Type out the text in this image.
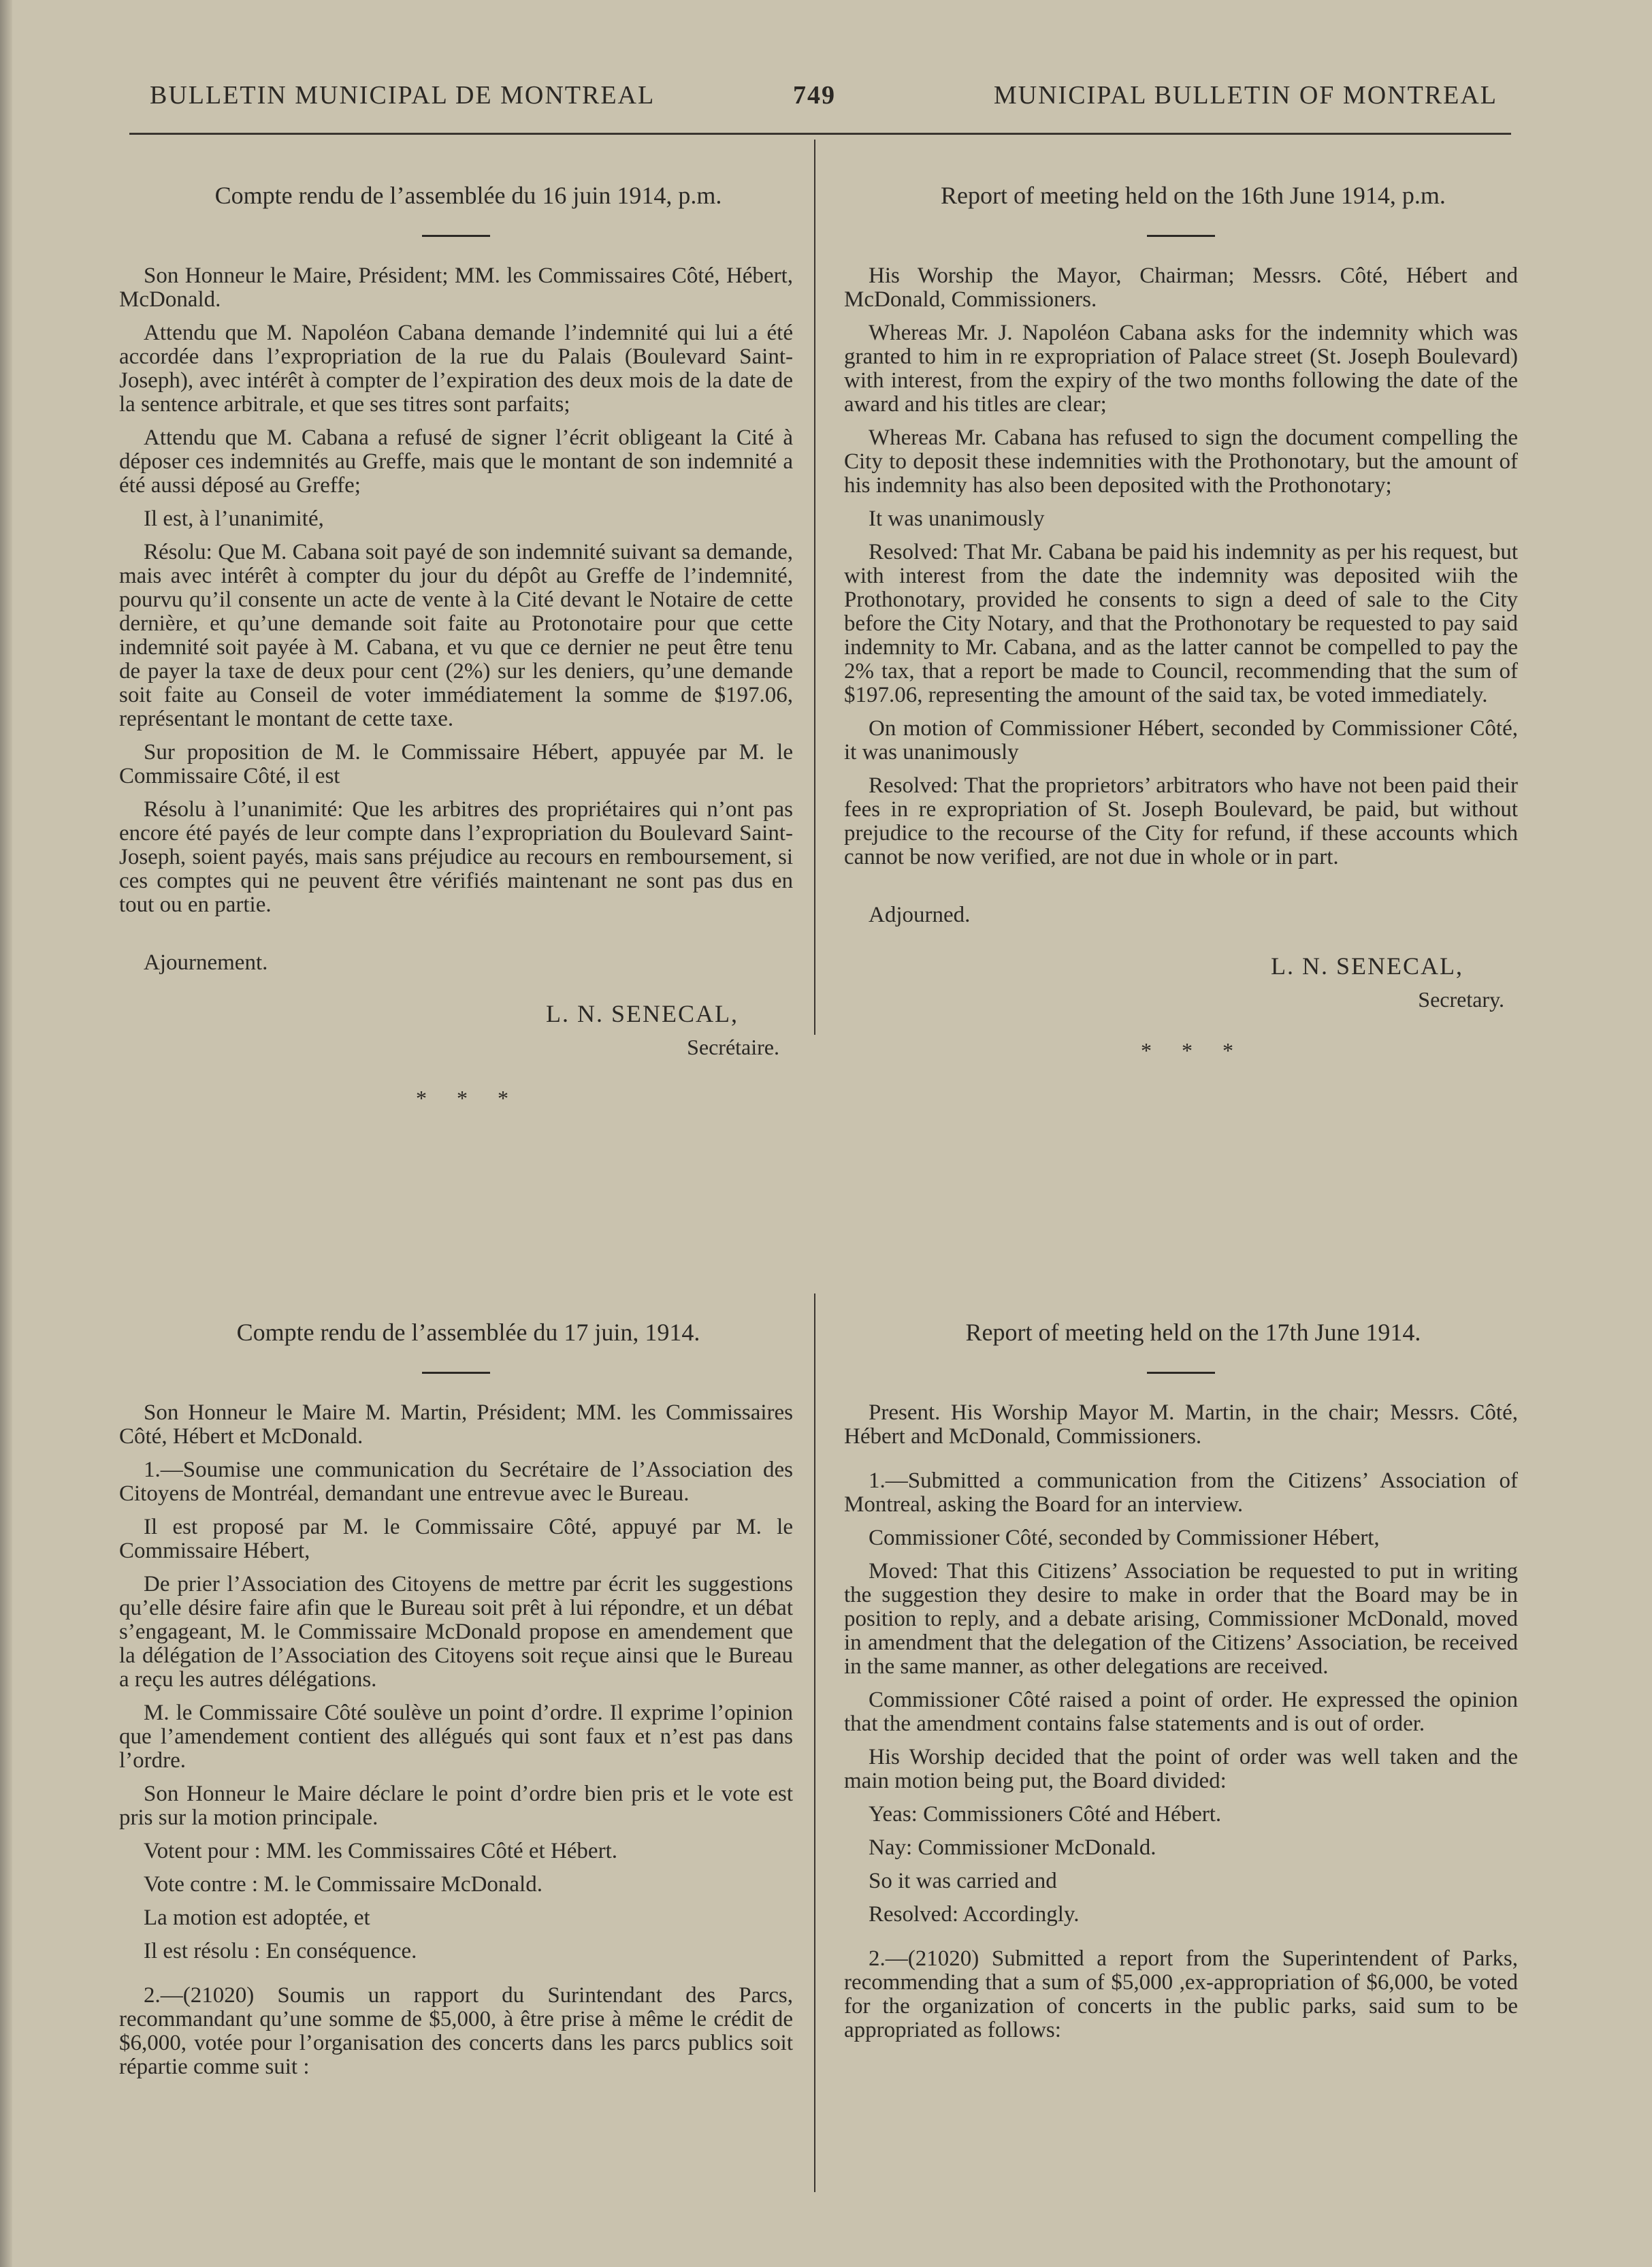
BULLETIN MUNICIPAL DE MONTREAL	749	MUNICIPAL BULLETIN OF MONTREAL

Compte rendu de l’assemblée du 16 juin 1914, p.m.

Son Honneur le Maire, Président; MM. les Commissaires Côté, Hébert, McDonald.

Attendu que M. Napoléon Cabana demande l’indemnité qui lui a été accordée dans l’expropriation de la rue du Palais (Boulevard Saint-Joseph), avec intérêt à compter de l’expiration des deux mois de la date de la sentence arbitrale, et que ses titres sont parfaits;

Attendu que M. Cabana a refusé de signer l’écrit obligeant la Cité à déposer ces indemnités au Greffe, mais que le montant de son indemnité a été aussi déposé au Greffe;

Il est, à l’unanimité,

Résolu: Que M. Cabana soit payé de son indemnité suivant sa demande, mais avec intérêt à compter du jour du dépôt au Greffe de l’indemnité, pourvu qu’il consente un acte de vente à la Cité devant le Notaire de cette dernière, et qu’une demande soit faite au Protonotaire pour que cette indemnité soit payée à M. Cabana, et vu que ce dernier ne peut être tenu de payer la taxe de deux pour cent (2%) sur les deniers, qu’une demande soit faite au Conseil de voter immédiatement la somme de $197.06, représentant le montant de cette taxe.

Sur proposition de M. le Commissaire Hébert, appuyée par M. le Commissaire Côté, il est

Résolu à l’unanimité: Que les arbitres des propriétaires qui n’ont pas encore été payés de leur compte dans l’expropriation du Boulevard Saint-Joseph, soient payés, mais sans préjudice au recours en remboursement, si ces comptes qui ne peuvent être vérifiés maintenant ne sont pas dus en tout ou en partie.

Ajournement.

L. N. SENECAL,

Secrétaire.

* * *

Report of meeting held on the 16th June 1914, p.m.

His Worship the Mayor, Chairman; Messrs. Côté, Hébert and McDonald, Commissioners.

Whereas Mr. J. Napoléon Cabana asks for the indemnity which was granted to him in re expropriation of Palace street (St. Joseph Boulevard) with interest, from the expiry of the two months following the date of the award and his titles are clear;

Whereas Mr. Cabana has refused to sign the document compelling the City to deposit these indemnities with the Prothonotary, but the amount of his indemnity has also been deposited with the Prothonotary;

It was unanimously

Resolved: That Mr. Cabana be paid his indemnity as per his request, but with interest from the date the indemnity was deposited wiih the Prothonotary, provided he consents to sign a deed of sale to the City before the City Notary, and that the Prothonotary be requested to pay said indemnity to Mr. Cabana, and as the latter cannot be compelled to pay the 2% tax, that a report be made to Council, recommending that the sum of $197.06, representing the amount of the said tax, be voted immediately.

On motion of Commissioner Hébert, seconded by Commissioner Côté, it was unanimously

Resolved: That the proprietors’ arbitrators who have not been paid their fees in re expropriation of St. Joseph Boulevard, be paid, but without prejudice to the recourse of the City for refund, if these accounts which cannot be now verified, are not due in whole or in part.

Adjourned.

L. N. SENECAL,

Secretary.

* * *

Compte rendu de l’assemblée du 17 juin, 1914.

Son Honneur le Maire M. Martin, Président; MM. les Commissaires Côté, Hébert et McDonald.

1.—Soumise une communication du Secrétaire de l’Association des Citoyens de Montréal, demandant une entrevue avec le Bureau.

Il est proposé par M. le Commissaire Côté, appuyé par M. le Commissaire Hébert,

De prier l’Association des Citoyens de mettre par écrit les suggestions qu’elle désire faire afin que le Bureau soit prêt à lui répondre, et un débat s’engageant, M. le Commissaire McDonald propose en amendement que la délégation de l’Association des Citoyens soit reçue ainsi que le Bureau a reçu les autres délégations.

M. le Commissaire Côté soulève un point d’ordre. Il exprime l’opinion que l’amendement contient des allégués qui sont faux et n’est pas dans l’ordre.

Son Honneur le Maire déclare le point d’ordre bien pris et le vote est pris sur la motion principale.

Votent pour : MM. les Commissaires Côté et Hébert.

Vote contre : M. le Commissaire McDonald.

La motion est adoptée, et

Il est résolu : En conséquence.

2.—(21020) Soumis un rapport du Surintendant des Parcs, recommandant qu’une somme de $5,000, à être prise à même le crédit de $6,000, votée pour l’organisation des concerts dans les parcs publics soit répartie comme suit :

Report of meeting held on the 17th June 1914.

Present. His Worship Mayor M. Martin, in the chair; Messrs. Côté, Hébert and McDonald, Commissioners.

1.—Submitted a communication from the Citizens’ Association of Montreal, asking the Board for an interview.

Commissioner Côté, seconded by Commissioner Hébert,

Moved: That this Citizens’ Association be requested to put in writing the suggestion they desire to make in order that the Board may be in position to reply, and a debate arising, Commissioner McDonald, moved in amendment that the delegation of the Citizens’ Association, be received in the same manner, as other delegations are received.

Commissioner Côté raised a point of order. He expressed the opinion that the amendment contains false statements and is out of order.

His Worship decided that the point of order was well taken and the main motion being put, the Board divided:

Yeas: Commissioners Côté and Hébert.

Nay: Commissioner McDonald.

So it was carried and

Resolved: Accordingly.

2.—(21020) Submitted a report from the Superintendent of Parks, recommending that a sum of $5,000 ,ex-appropriation of $6,000, be voted for the organization of concerts in the public parks, said sum to be appropriated as follows:
